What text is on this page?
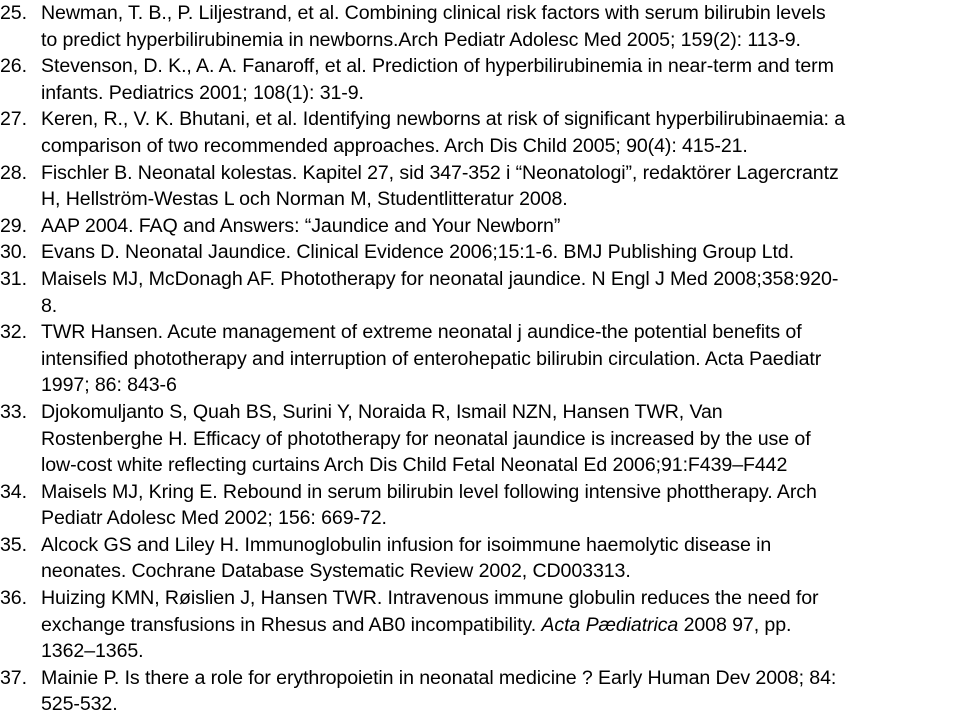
25. Newman, T. B., P. Liljestrand, et al. Combining clinical risk factors with serum bilirubin levels
to predict hyperbilirubinemia in newborns.Arch Pediatr Adolesc Med 2005; 159(2): 113-9.
26. Stevenson, D. K., A. A. Fanaroff, et al. Prediction of hyperbilirubinemia in near-term and term
infants. Pediatrics 2001; 108(1): 31-9.
27. Keren, R., V. K. Bhutani, et al. Identifying newborns at risk of significant hyperbilirubinaemia: a
comparison of two recommended approaches. Arch Dis Child 2005; 90(4): 415-21.
28. Fischler B. Neonatal kolestas. Kapitel 27, sid 347-352 i “Neonatologi”, redaktörer Lagercrantz
H, Hellström-Westas L och Norman M, Studentlitteratur 2008.
29. AAP 2004. FAQ and Answers: “Jaundice and Your Newborn”
30. Evans D. Neonatal Jaundice. Clinical Evidence 2006;15:1-6. BMJ Publishing Group Ltd.
31. Maisels MJ, McDonagh AF. Phototherapy for neonatal jaundice. N Engl J Med 2008;358:920-
8.
32. TWR Hansen. Acute management of extreme neonatal j aundice-the potential benefits of
intensified phototherapy and interruption of enterohepatic bilirubin circulation. Acta Paediatr
1997; 86: 843-6
33. Djokomuljanto S, Quah BS, Surini Y, Noraida R, Ismail NZN, Hansen TWR, Van
Rostenberghe H. Efficacy of phototherapy for neonatal jaundice is increased by the use of
low-cost white reflecting curtains Arch Dis Child Fetal Neonatal Ed 2006;91:F439–F442
34. Maisels MJ, Kring E. Rebound in serum bilirubin level following intensive phottherapy. Arch
Pediatr Adolesc Med 2002; 156: 669-72.
35. Alcock GS and Liley H. Immunoglobulin infusion for isoimmune haemolytic disease in
neonates. Cochrane Database Systematic Review 2002, CD003313.
36. Huizing KMN, Røislien J, Hansen TWR. Intravenous immune globulin reduces the need for
exchange transfusions in Rhesus and AB0 incompatibility. Acta Pædiatrica 2008 97, pp.
1362–1365.
37. Mainie P. Is there a role for erythropoietin in neonatal medicine ? Early Human Dev 2008; 84:
525-532.
